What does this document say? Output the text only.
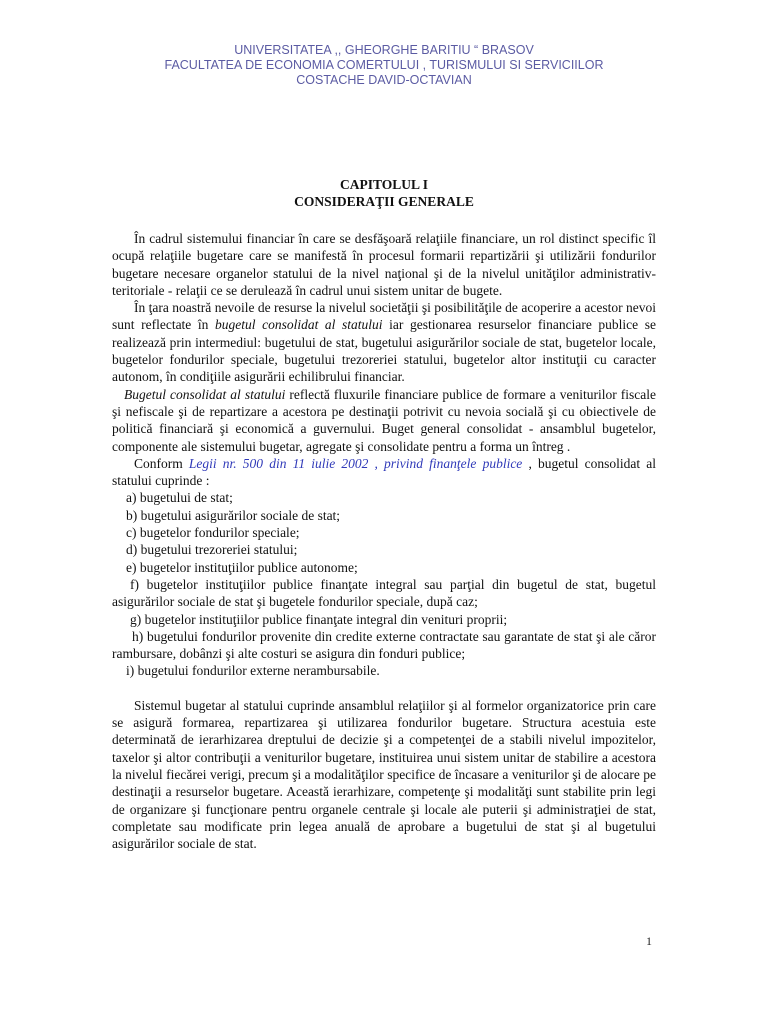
UNIVERSITATEA ,, GHEORGHE BARITIU “ BRASOV
FACULTATEA DE ECONOMIA COMERTULUI , TURISMULUI SI SERVICIILOR
COSTACHE DAVID-OCTAVIAN
CAPITOLUL I
CONSIDERAŢII GENERALE

În cadrul sistemului financiar în care se desfăşoară relaţiile financiare, un rol distinct specific îl ocupă relaţiile bugetare care se manifestă în procesul formarii repartizării şi utilizării fondurilor bugetare necesare organelor statului de la nivel naţional şi de la nivelul unităţilor administrativ-teritoriale - relaţii ce se derulează în cadrul unui sistem unitar de bugete.

În ţara noastră nevoile de resurse la nivelul societăţii şi posibilităţile de acoperire a acestor nevoi sunt reflectate în bugetul consolidat al statului iar gestionarea resurselor financiare publice se realizează prin intermediul: bugetului de stat, bugetului asigurărilor sociale de stat, bugetelor locale, bugetelor fondurilor speciale, bugetului trezoreriei statului, bugetelor altor instituţii cu caracter autonom, în condiţiile asigurării echilibrului financiar.

Bugetul consolidat al statului reflectă fluxurile financiare publice de formare a veniturilor fiscale şi nefiscale şi de repartizare a acestora pe destinaţii potrivit cu nevoia socială şi cu obiectivele de politică financiară şi economică a guvernului. Buget general consolidat - ansamblul bugetelor, componente ale sistemului bugetar, agregate şi consolidate pentru a forma un întreg .

Conform Legii nr. 500 din 11 iulie 2002 , privind finanţele publice , bugetul consolidat al statului cuprinde :

a) bugetului de stat;
b) bugetului asigurărilor sociale de stat;
c) bugetelor fondurilor speciale;
d) bugetului trezoreriei statului;
e) bugetelor instituţiilor publice autonome;
f) bugetelor instituţiilor publice finanţate integral sau parţial din bugetul de stat, bugetul asigurărilor sociale de stat şi bugetele fondurilor speciale, după caz;
g) bugetelor instituţiilor publice finanţate integral din venituri proprii;
h) bugetului fondurilor provenite din credite externe contractate sau garantate de stat şi ale căror rambursare, dobânzi şi alte costuri se asigura din fonduri publice;
i) bugetului fondurilor externe nerambursabile.

Sistemul bugetar al statului cuprinde ansamblul relaţiilor şi al formelor organizatorice prin care se asigură formarea, repartizarea şi utilizarea fondurilor bugetare. Structura acestuia este determinată de ierarhizarea dreptului de decizie şi a competenţei de a stabili nivelul impozitelor, taxelor şi altor contribuţii a veniturilor bugetare, instituirea unui sistem unitar de stabilire a acestora la nivelul fiecărei verigi, precum şi a modalităţilor specifice de încasare a veniturilor şi de alocare pe destinaţii a resurselor bugetare. Această ierarhizare, competenţe şi modalităţi sunt stabilite prin legi de organizare şi funcţionare pentru organele centrale şi locale ale puterii şi administraţiei de stat, completate sau modificate prin legea anuală de aprobare a bugetului de stat şi al bugetului asigurărilor sociale de stat.

1
